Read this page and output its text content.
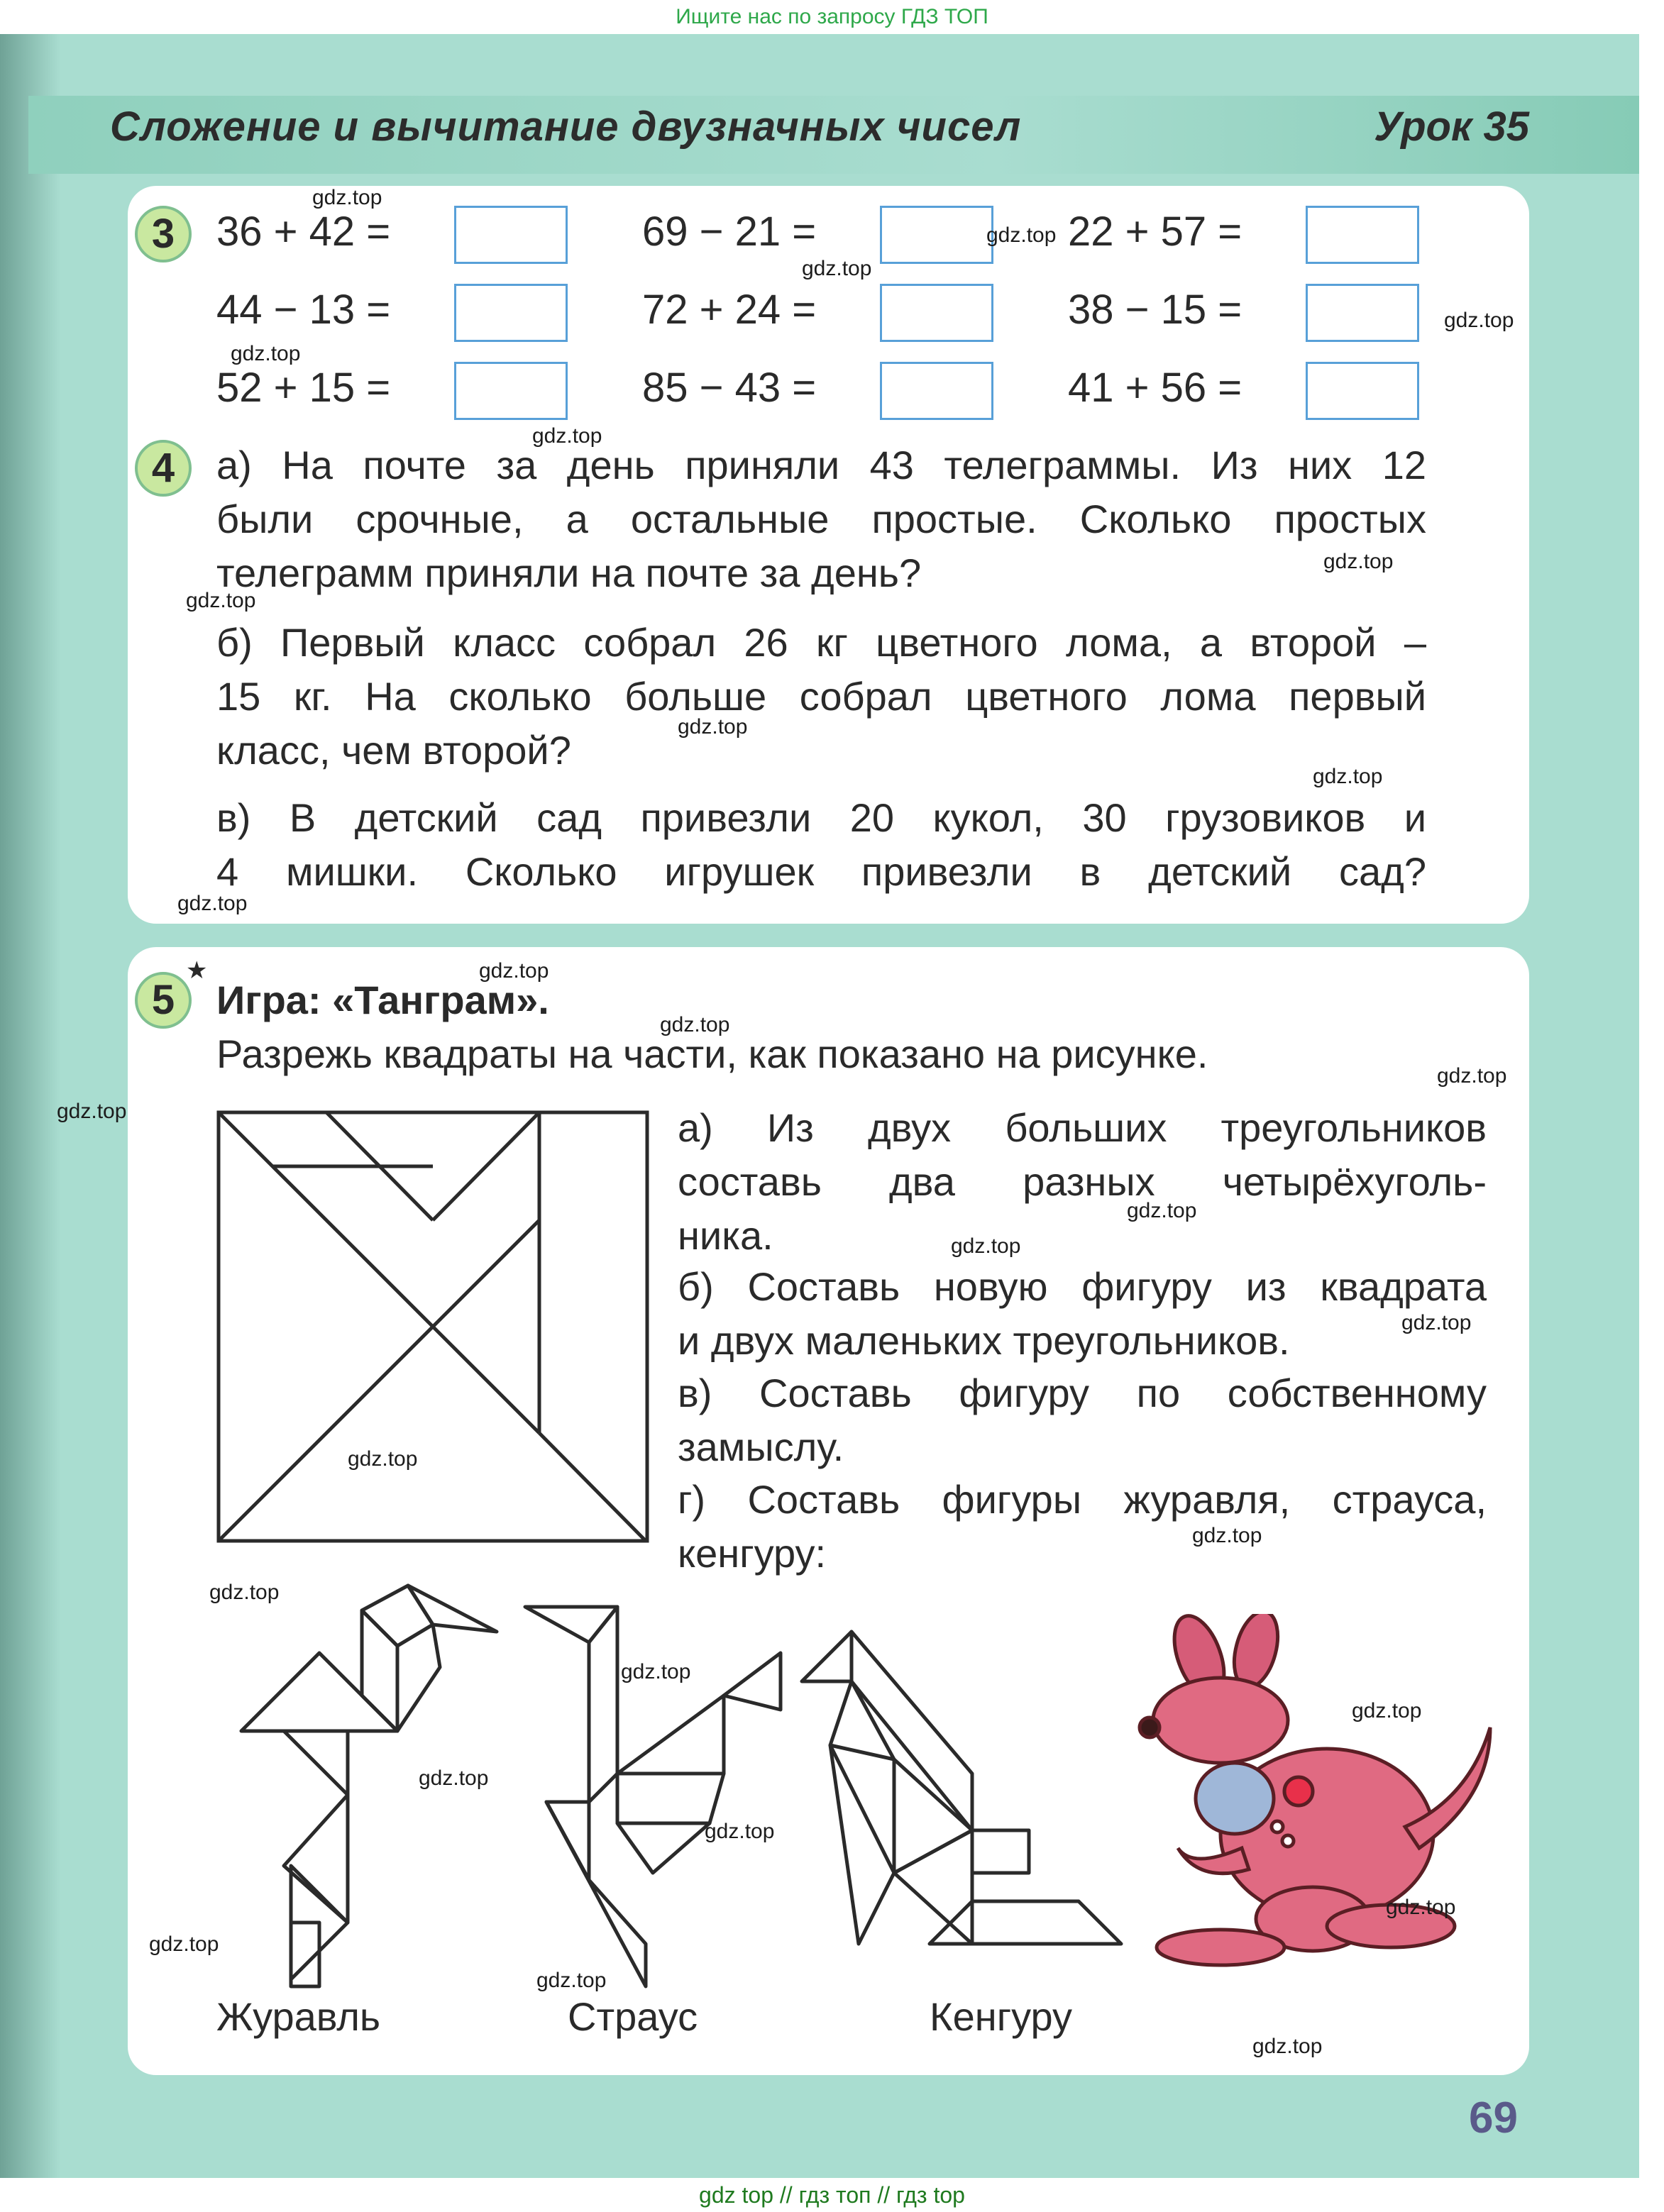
Ищите нас по запросу ГДЗ ТОП
Сложение и вычитание двузначных чисел	Урок 35
3	36 + 42 =	69 − 21 =	22 + 57 =
44 − 13 =	72 + 24 =	38 − 15 =
52 + 15 =	85 − 43 =	41 + 56 =
4	а) На почте за день приняли 43 телеграммы. Из них 12
были срочные, а остальные простые. Сколько простых
телеграмм приняли на почте за день?
б) Первый класс собрал 26 кг цветного лома, а второй –
15 кг. На сколько больше собрал цветного лома первый
класс, чем второй?
в) В детский сад привезли 20 кукол, 30 грузовиков и
4 мишки. Сколько игрушек привезли в детский сад?
5
★
Игра: «Танграм».
Разрежь квадраты на части, как показано на рисунке.
а) Из двух больших треугольников
составь два разных четырёхуголь-
ника.
б) Составь новую фигуру из квадрата
и двух маленьких треугольников.
в) Составь фигуру по собственному
замыслу.
г) Составь фигуры журавля, страуса,
кенгуру:
Журавль	Страус	Кенгуру
gdz.top
gdz.top
gdz.top
gdz.top
gdz.top
gdz.top
gdz.top
gdz.top
gdz.top
gdz.top
gdz.top
gdz.top
gdz.top
gdz.top
gdz.top
gdz.top
gdz.top
gdz.top
gdz.top
gdz.top
gdz.top
gdz.top
gdz.top
gdz.top
gdz.top
gdz.top
gdz.top
gdz.top
gdz.top
69
gdz top // гдз топ // гдз top
